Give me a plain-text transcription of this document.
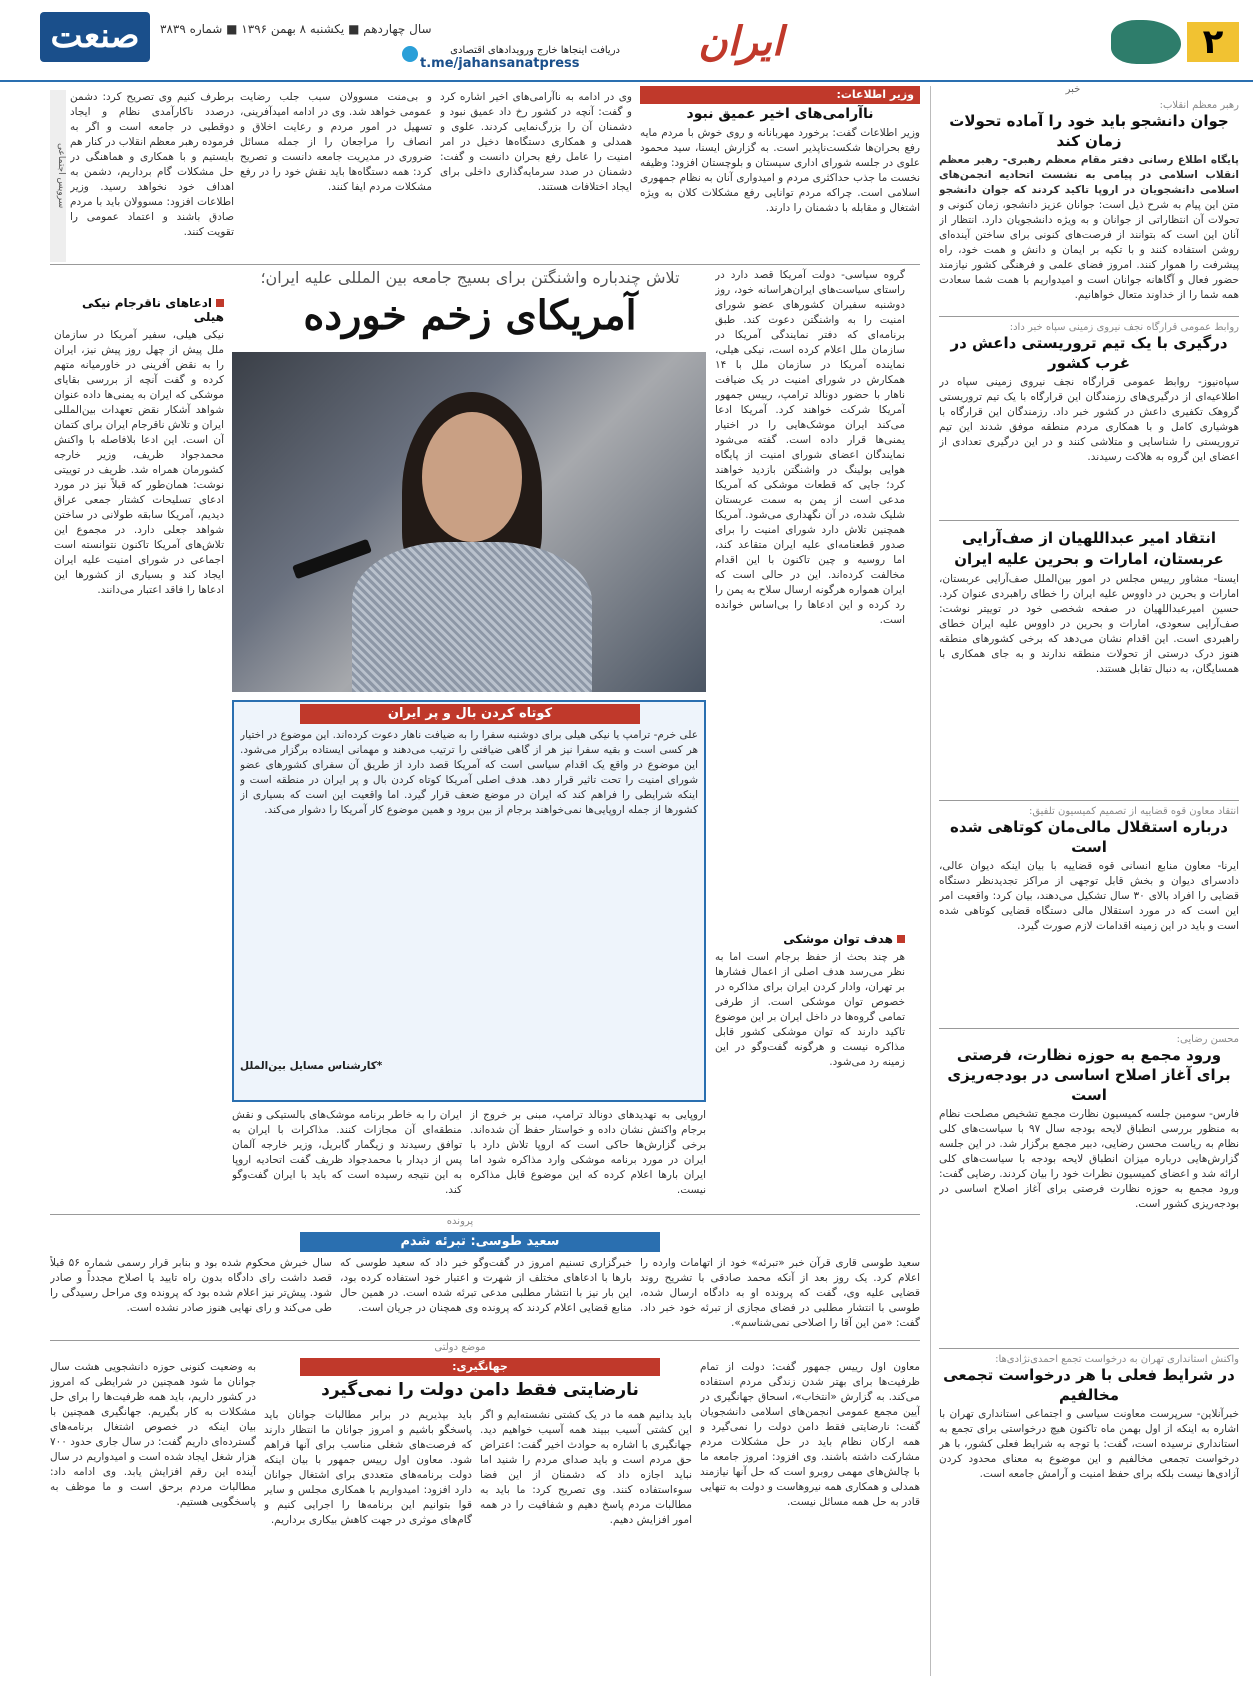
۲
ایران
دریافت اینجاها خارج ورویدادهای اقتصادی
t.me/jahansanatpress
سال چهاردهم ■ یکشنبه ۸ بهمن ۱۳۹۶ ■ شماره ۳۸۳۹
صنعت
خبر
رهبر معظم انقلاب:
جوان دانشجو باید خود را آماده تحولات زمان کند
پایگاه اطلاع رسانی دفتر مقام معظم رهبری- رهبر معظم انقلاب اسلامی در پیامی به نشست اتحادیه انجمن‌های اسلامی دانشجویان در اروپا تاکید کردند که جوان دانشجو
متن این پیام به شرح ذیل است: جوانان عزیز دانشجو، زمان کنونی و تحولات آن انتظاراتی از جوانان و به ویژه دانشجویان دارد. انتظار از آنان این است که بتوانند از فرصت‌های کنونی برای ساختن آینده‌ای روشن استفاده کنند و با تکیه بر ایمان و دانش و همت خود، راه پیشرفت را هموار کنند. امروز فضای علمی و فرهنگی کشور نیازمند حضور فعال و آگاهانه جوانان است و امیدواریم با همت شما سعادت همه شما را از خداوند متعال خواهانیم.
روابط عمومی قرارگاه نجف نیروی زمینی سپاه خبر داد:
درگیری با یک تیم تروریستی داعش در غرب کشور
سپاه‌نیوز- روابط عمومی قرارگاه نجف نیروی زمینی سپاه در اطلاعیه‌ای از درگیری‌های رزمندگان این قرارگاه با یک تیم تروریستی گروهک تکفیری داعش در کشور خبر داد. رزمندگان این قرارگاه با هوشیاری کامل و با همکاری مردم منطقه موفق شدند این تیم تروریستی را شناسایی و متلاشی کنند و در این درگیری تعدادی از اعضای این گروه به هلاکت رسیدند.
انتقاد امیر عبداللهیان از صف‌آرایی عربستان، امارات و بحرین علیه ایران
ایسنا- مشاور رییس مجلس در امور بین‌الملل صف‌آرایی عربستان، امارات و بحرین در داووس علیه ایران را خطای راهبردی عنوان کرد. حسین امیرعبداللهیان در صفحه شخصی خود در توییتر نوشت: صف‌آرایی سعودی، امارات و بحرین در داووس علیه ایران خطای راهبردی است. این اقدام نشان می‌دهد که برخی کشورهای منطقه هنوز درک درستی از تحولات منطقه ندارند و به جای همکاری با همسایگان، به دنبال تقابل هستند.
انتقاد معاون قوه قضاییه از تصمیم کمیسیون تلفیق:
درباره استقلال مالی‌مان کوتاهی شده است
ایرنا- معاون منابع انسانی قوه قضاییه با بیان اینکه دیوان عالی، دادسرای دیوان و بخش قابل توجهی از مراکز تجدیدنظر دستگاه قضایی را افراد بالای ۳۰ سال تشکیل می‌دهند، بیان کرد: واقعیت امر این است که در مورد استقلال مالی دستگاه قضایی کوتاهی شده است و باید در این زمینه اقدامات لازم صورت گیرد.
محسن رضایی:
ورود مجمع به حوزه نظارت، فرصتی برای آغاز اصلاح اساسی در بودجه‌ریزی است
فارس- سومین جلسه کمیسیون نظارت مجمع تشخیص مصلحت نظام به منظور بررسی انطباق لایحه بودجه سال ۹۷ با سیاست‌های کلی نظام به ریاست محسن رضایی، دبیر مجمع برگزار شد. در این جلسه گزارش‌هایی درباره میزان انطباق لایحه بودجه با سیاست‌های کلی ارائه شد و اعضای کمیسیون نظرات خود را بیان کردند. رضایی گفت: ورود مجمع به حوزه نظارت فرصتی برای آغاز اصلاح اساسی در بودجه‌ریزی کشور است.
واکنش استانداری تهران به درخواست تجمع احمدی‌نژادی‌ها:
در شرایط فعلی با هر درخواست تجمعی مخالفیم
خبرآنلاین- سرپرست معاونت سیاسی و اجتماعی استانداری تهران با اشاره به اینکه از اول بهمن ماه تاکنون هیچ درخواستی برای تجمع به استانداری نرسیده است، گفت: با توجه به شرایط فعلی کشور، با هر درخواست تجمعی مخالفیم و این موضوع به معنای محدود کردن آزادی‌ها نیست بلکه برای حفظ امنیت و آرامش جامعه است.
وزیر اطلاعات:
ناآرامی‌های اخیر عمیق نبود
وزیر اطلاعات گفت: برخورد مهربانانه و روی خوش با مردم مایه رفع بحران‌ها شکست‌ناپذیر است. به گزارش ایسنا، سید محمود علوی در جلسه شورای اداری سیستان و بلوچستان افزود: وظیفه نخست ما جذب حداکثری مردم و امیدواری آنان به نظام جمهوری اسلامی است. چراکه مردم توانایی رفع مشکلات کلان به ویژه اشتغال و مقابله با دشمنان را دارند.
وی در ادامه به ناآرامی‌های اخیر اشاره کرد و گفت: آنچه در کشور رخ داد عمیق نبود و دشمنان آن را بزرگ‌نمایی کردند. علوی و همدلی و همکاری دستگاه‌ها دخیل در امر امنیت را عامل رفع بحران دانست و گفت: دشمنان در صدد سرمایه‌گذاری داخلی برای ایجاد اختلافات هستند.
و بی‌منت مسوولان سبب جلب رضایت عمومی خواهد شد. وی در ادامه امیدآفرینی، تسهیل در امور مردم و رعایت اخلاق و انصاف را مراجعان را از جمله مسائل ضروری در مدیریت جامعه دانست و تصریح کرد: همه دستگاه‌ها باید نقش خود را در رفع مشکلات مردم ایفا کنند.
برطرف کنیم وی تصریح کرد: دشمن درصدد ناکارآمدی نظام و ایجاد دوقطبی در جامعه است و اگر به فرموده رهبر معظم انقلاب در کنار هم بایستیم و با همکاری و هماهنگی در حل مشکلات گام برداریم، دشمن به اهداف خود نخواهد رسید. وزیر اطلاعات افزود: مسوولان باید با مردم صادق باشند و اعتماد عمومی را تقویت کنند.
سرویس اجتماعی
تلاش چندباره واشنگتن برای بسیج جامعه بین المللی علیه ایران؛
آمریکای زخم خورده
گروه سیاسی- دولت آمریکا قصد دارد در راستای سیاست‌های ایران‌هراسانه خود، روز دوشنبه سفیران کشورهای عضو شورای امنیت را به واشنگتن دعوت کند. طبق برنامه‌ای که دفتر نمایندگی آمریکا در سازمان ملل اعلام کرده است، نیکی هیلی، نماینده آمریکا در سازمان ملل با ۱۴ همکارش در شورای امنیت در یک ضیافت ناهار با حضور دونالد ترامپ، رییس جمهور آمریکا شرکت خواهند کرد. آمریکا ادعا می‌کند ایران موشک‌هایی را در اختیار یمنی‌ها قرار داده است. گفته می‌شود نمایندگان اعضای شورای امنیت از پایگاه هوایی بولینگ در واشنگتن بازدید خواهند کرد؛ جایی که قطعات موشکی که آمریکا مدعی است از یمن به سمت عربستان شلیک شده، در آن نگهداری می‌شود. آمریکا همچنین تلاش دارد شورای امنیت را برای صدور قطعنامه‌ای علیه ایران متقاعد کند، اما روسیه و چین تاکنون با این اقدام مخالفت کرده‌اند. این در حالی است که ایران همواره هرگونه ارسال سلاح به یمن را رد کرده و این ادعاها را بی‌اساس خوانده است.
هدف توان موشکی
هر چند بحث از حفظ برجام است اما به نظر می‌رسد هدف اصلی از اعمال فشارها بر تهران، وادار کردن ایران برای مذاکره در خصوص توان موشکی است. از طرفی تمامی گروه‌ها در داخل ایران بر این موضوع تاکید دارند که توان موشکی کشور قابل مذاکره نیست و هرگونه گفت‌وگو در این زمینه رد می‌شود.
ادعاهای ناقرجام نیکی هیلی
نیکی هیلی، سفیر آمریکا در سازمان ملل پیش از چهل روز پیش نیز، ایران را به نقض آفرینی در خاورمیانه متهم کرده و گفت آنچه از بررسی بقایای موشکی که ایران به یمنی‌ها داده عنوان شواهد آشکار نقض تعهدات بین‌المللی ایران و تلاش ناقرجام ایران برای کتمان آن است. این ادعا بلافاصله با واکنش محمدجواد ظریف، وزیر خارجه کشورمان همراه شد. ظریف در توییتی نوشت: همان‌طور که قبلاً نیز در مورد ادعای تسلیحات کشتار جمعی عراق دیدیم، آمریکا سابقه طولانی در ساختن شواهد جعلی دارد. در مجموع این تلاش‌های آمریکا تاکنون نتوانسته است اجماعی در شورای امنیت علیه ایران ایجاد کند و بسیاری از کشورها این ادعاها را فاقد اعتبار می‌دانند.
کوتاه کردن بال و پر ایران
علی خرم- ترامپ یا نیکی هیلی برای دوشنبه سفرا را به ضیافت ناهار دعوت کرده‌اند. این موضوع در اختیار هر کسی است و بقیه سفرا نیز هر از گاهی ضیافتی را ترتیب می‌دهند و مهمانی ایستاده برگزار می‌شود. این موضوع در واقع یک اقدام سیاسی است که آمریکا قصد دارد از طریق آن سفرای کشورهای عضو شورای امنیت را تحت تاثیر قرار دهد. هدف اصلی آمریکا کوتاه کردن بال و پر ایران در منطقه است و اینکه شرایطی را فراهم کند که ایران در موضع ضعف قرار گیرد. اما واقعیت این است که بسیاری از کشورها از جمله اروپایی‌ها نمی‌خواهند برجام از بین برود و همین موضوع کار آمریکا را دشوار می‌کند.
*کارشناس مسایل بین‌الملل
اروپایی به تهدیدهای دونالد ترامپ، مبنی بر خروج از برجام واکنش نشان داده و خواستار حفظ آن شده‌اند. برخی گزارش‌ها حاکی است که اروپا تلاش دارد با ایران در مورد برنامه موشکی وارد مذاکره شود اما ایران بارها اعلام کرده که این موضوع قابل مذاکره نیست.
ایران را به خاطر برنامه موشک‌های بالستیکی و نقش منطقه‌ای آن مجازات کنند. مذاکرات با ایران به توافق رسیدند و زیگمار گابریل، وزیر خارجه آلمان پس از دیدار با محمدجواد ظریف گفت اتحادیه اروپا به این نتیجه رسیده است که باید با ایران گفت‌وگو کند.
پرونده
سعید طوسی: تبرئه شدم
سعید طوسی قاری قرآن خبر «تبرئه» خود از اتهامات وارده را اعلام کرد. یک روز بعد از آنکه محمد صادقی با تشریح روند قضایی علیه وی، گفت که پرونده او به دادگاه ارسال شده، طوسی با انتشار مطلبی در فضای مجازی از تبرئه خود خبر داد. گفت: «من این آقا را اصلاحی نمی‌شناسم».
خبرگزاری تسنیم امروز در گفت‌وگو خبر داد که سعید طوسی که بارها با ادعاهای مختلف از شهرت و اعتبار خود استفاده کرده بود، این بار نیز با انتشار مطلبی مدعی تبرئه شده است. در همین حال منابع قضایی اعلام کردند که پرونده وی همچنان در جریان است.
سال خبرش محکوم شده بود و بنابر قرار رسمی شماره ۵۶ قبلاً قصد داشت رای دادگاه بدون راه تایید یا اصلاح مجدداً و صادر شود. پیش‌تر نیز اعلام شده بود که پرونده وی مراحل رسیدگی را طی می‌کند و رای نهایی هنوز صادر نشده است.
موضع دولتی
جهانگیری:
نارضایتی فقط دامن دولت را نمی‌گیرد
معاون اول رییس جمهور گفت: دولت از تمام ظرفیت‌ها برای بهتر شدن زندگی مردم استفاده می‌کند. به گزارش «انتخاب»، اسحاق جهانگیری در آیین مجمع عمومی انجمن‌های اسلامی دانشجویان گفت: نارضایتی فقط دامن دولت را نمی‌گیرد و همه ارکان نظام باید در حل مشکلات مردم مشارکت داشته باشند. وی افزود: امروز جامعه ما با چالش‌های مهمی روبرو است که حل آنها نیازمند همدلی و همکاری همه نیروهاست و دولت به تنهایی قادر به حل همه مسائل نیست.
باید بدانیم همه ما در یک کشتی نشسته‌ایم و اگر این کشتی آسیب ببیند همه آسیب خواهیم دید. جهانگیری با اشاره به حوادث اخیر گفت: اعتراض حق مردم است و باید صدای مردم را شنید اما نباید اجازه داد که دشمنان از این فضا سوءاستفاده کنند. وی تصریح کرد: ما باید به مطالبات مردم پاسخ دهیم و شفافیت را در همه امور افزایش دهیم.
باید بپذیریم در برابر مطالبات جوانان باید پاسخگو باشیم و امروز جوانان ما انتظار دارند که فرصت‌های شغلی مناسب برای آنها فراهم شود. معاون اول رییس جمهور با بیان اینکه دولت برنامه‌های متعددی برای اشتغال جوانان دارد افزود: امیدواریم با همکاری مجلس و سایر قوا بتوانیم این برنامه‌ها را اجرایی کنیم و گام‌های موثری در جهت کاهش بیکاری برداریم.
به وضعیت کنونی حوزه دانشجویی هشت سال جوانان ما شود همچنین در شرایطی که امروز در کشور داریم، باید همه ظرفیت‌ها را برای حل مشکلات به کار بگیریم. جهانگیری همچنین با بیان اینکه در خصوص اشتغال برنامه‌های گسترده‌ای داریم گفت: در سال جاری حدود ۷۰۰ هزار شغل ایجاد شده است و امیدواریم در سال آینده این رقم افزایش یابد. وی ادامه داد: مطالبات مردم برحق است و ما موظف به پاسخگویی هستیم.
